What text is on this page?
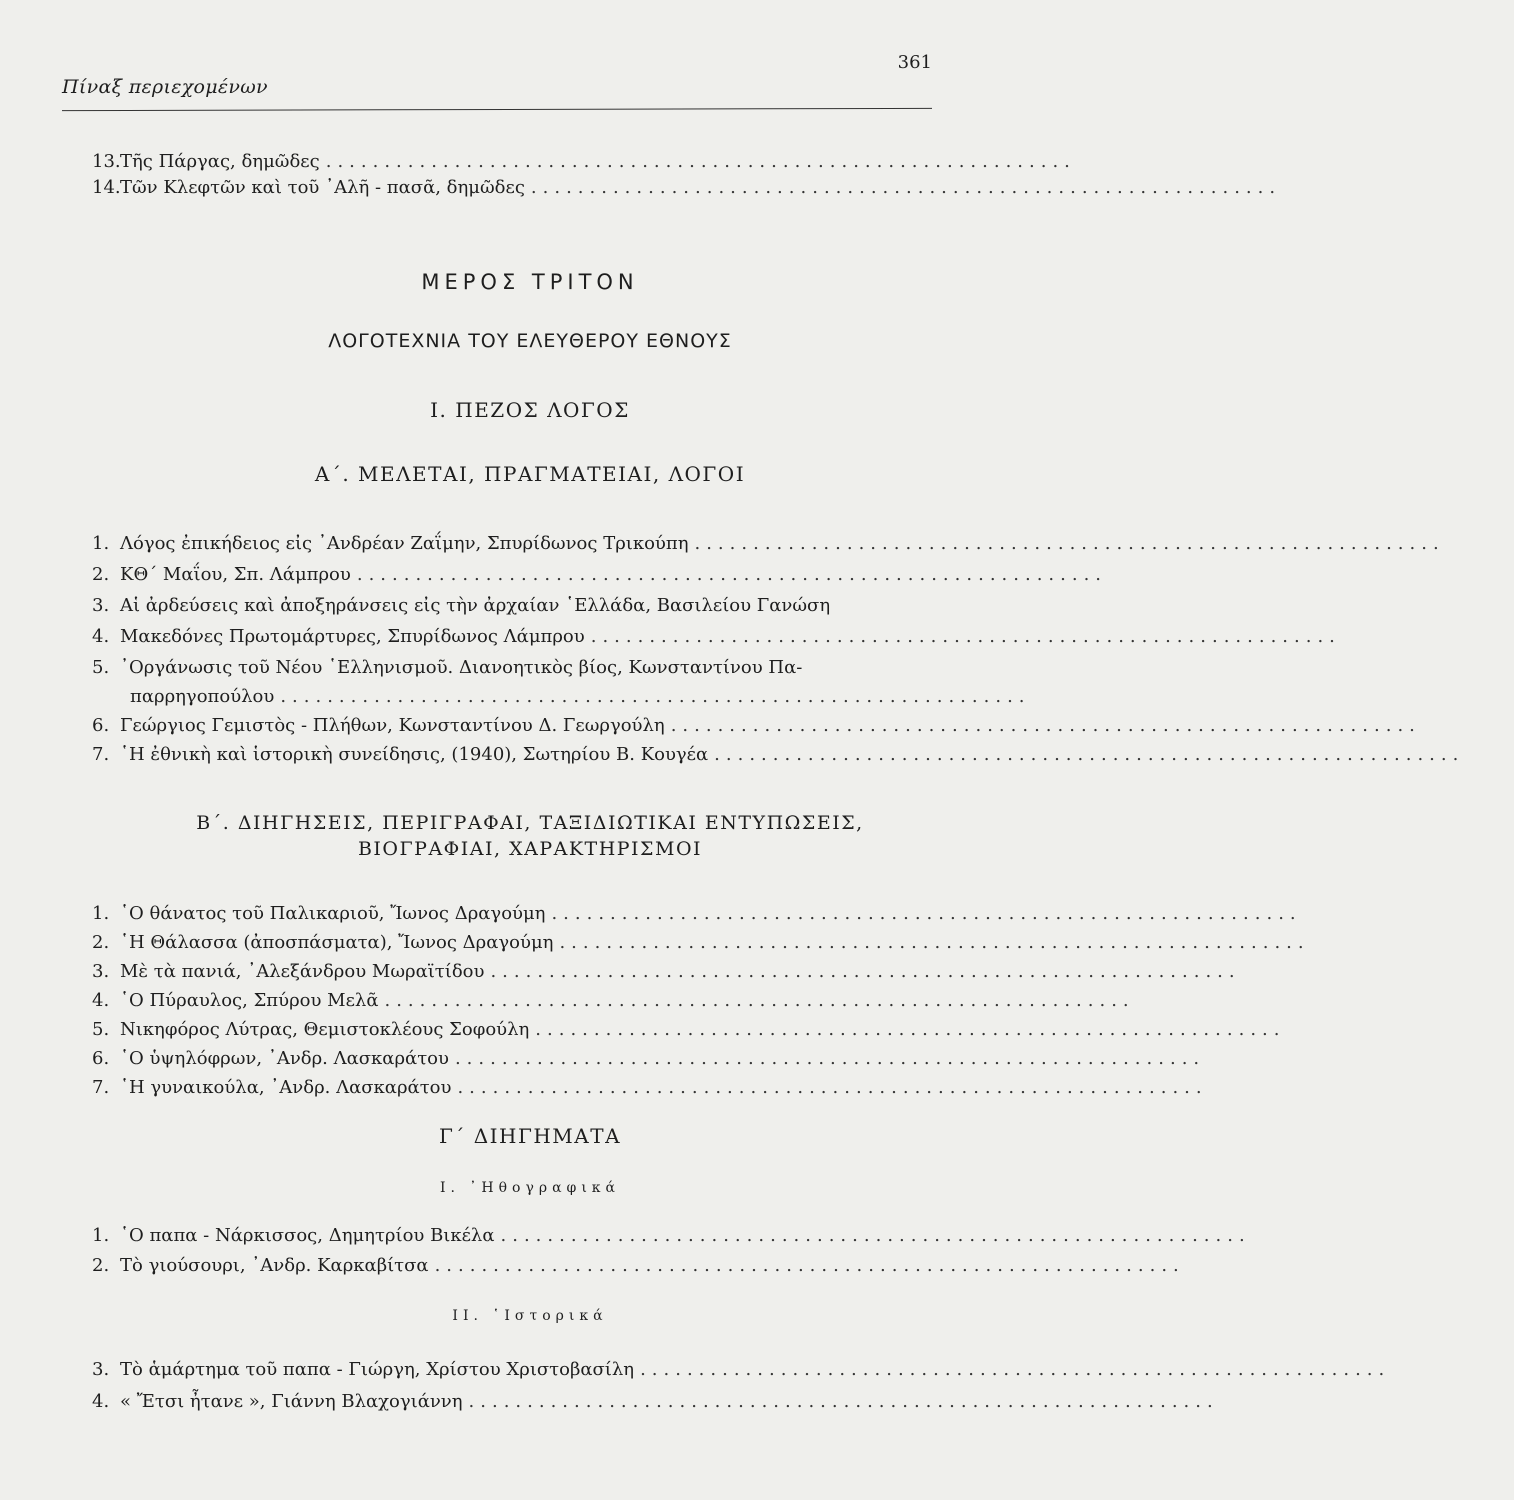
Πίναξ περιεχομένων
361
13. Τῆς Πάργας, δημῶδες ................................................................
14. Τῶν Κλεφτῶν καὶ τοῦ ᾿Αλῆ - πασᾶ, δημῶδες ................................................................
ΜΕΡΟΣ ΤΡΙΤΟΝ
ΛΟΓΟΤΕΧΝΙΑ ΤΟΥ ΕΛΕΥΘΕΡΟΥ ΕΘΝΟΥΣ
Ι. ΠΕΖΟΣ ΛΟΓΟΣ
Α΄. ΜΕΛΕΤΑΙ, ΠΡΑΓΜΑΤΕΙΑΙ, ΛΟΓΟΙ
1. Λόγος ἐπικήδειος εἰς ᾿Ανδρέαν Ζαΐμην, Σπυρίδωνος Τρικούπη ................................................................
2. ΚΘ΄ Μαΐου, Σπ. Λάμπρου ................................................................
3. Αἱ ἀρδεύσεις καὶ ἀποξηράνσεις εἰς τὴν ἀρχαίαν ῾Ελλάδα, Βασιλείου Γανώση
4. Μακεδόνες Πρωτομάρτυρες, Σπυρίδωνος Λάμπρου ................................................................
5. ᾿Οργάνωσις τοῦ Νέου ῾Ελληνισμοῦ. Διανοητικὸς βίος, Κωνσταντίνου Πα-
παρρηγοπούλου ................................................................
6. Γεώργιος Γεμιστὸς - Πλήθων, Κωνσταντίνου Δ. Γεωργούλη ................................................................
7. ῾Η ἐθνικὴ καὶ ἱστορικὴ συνείδησις, (1940), Σωτηρίου Β. Κουγέα ................................................................
Β΄. ΔΙΗΓΗΣΕΙΣ, ΠΕΡΙΓΡΑΦΑΙ, ΤΑΞΙΔΙΩΤΙΚΑΙ ΕΝΤΥΠΩΣΕΙΣ,
ΒΙΟΓΡΑΦΙΑΙ, ΧΑΡΑΚΤΗΡΙΣΜΟΙ
1. ῾Ο θάνατος τοῦ Παλικαριοῦ, Ἴωνος Δραγούμη ................................................................
2. ῾Η Θάλασσα (ἀποσπάσματα), Ἴωνος Δραγούμη ................................................................
3. Μὲ τὰ πανιά, ᾿Αλεξάνδρου Μωραϊτίδου ................................................................
4. ῾Ο Πύραυλος, Σπύρου Μελᾶ ................................................................
5. Νικηφόρος Λύτρας, Θεμιστοκλέους Σοφούλη ................................................................
6. ῾Ο ὑψηλόφρων, ᾿Ανδρ. Λασκαράτου ................................................................
7. ῾Η γυναικούλα, ᾿Ανδρ. Λασκαράτου ................................................................
Γ΄ ΔΙΗΓΗΜΑΤΑ
Ι. ᾿Ηθογραφικά
1. ῾Ο παπα - Νάρκισσος, Δημητρίου Βικέλα ................................................................
2. Τὸ γιούσουρι, ᾿Ανδρ. Καρκαβίτσα ................................................................
ΙΙ. ῾Ιστορικά
3. Τὸ ἁμάρτημα τοῦ παπα - Γιώργη, Χρίστου Χριστοβασίλη ................................................................
4. « Ἔτσι ἦτανε », Γιάννη Βλαχογιάννη ................................................................
